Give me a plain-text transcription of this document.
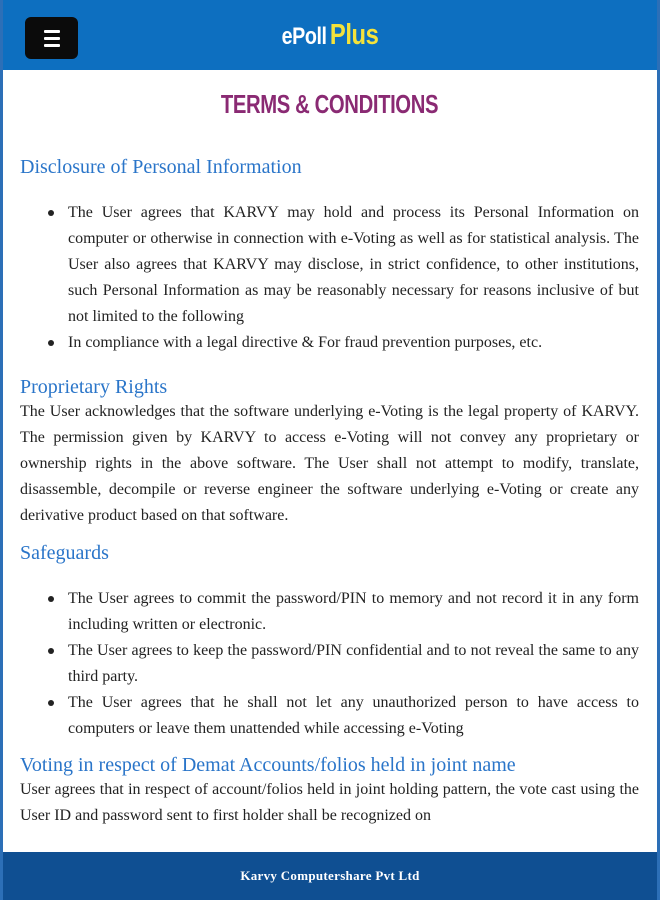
ePoll Plus
TERMS & CONDITIONS
Disclosure of Personal Information
The User agrees that KARVY may hold and process its Personal Information on computer or otherwise in connection with e-Voting as well as for statistical analysis. The User also agrees that KARVY may disclose, in strict confidence, to other institutions, such Personal Information as may be reasonably necessary for reasons inclusive of but not limited to the following
In compliance with a legal directive & For fraud prevention purposes, etc.
Proprietary Rights

The User acknowledges that the software underlying e-Voting is the legal property of KARVY. The permission given by KARVY to access e-Voting will not convey any proprietary or ownership rights in the above software. The User shall not attempt to modify, translate, disassemble, decompile or reverse engineer the software underlying e-Voting or create any derivative product based on that software.

Safeguards
The User agrees to commit the password/PIN to memory and not record it in any form including written or electronic.
The User agrees to keep the password/PIN confidential and to not reveal the same to any third party.
The User agrees that he shall not let any unauthorized person to have access to computers or leave them unattended while accessing e-Voting
Voting in respect of Demat Accounts/folios held in joint name

User agrees that in respect of account/folios held in joint holding pattern, the vote cast using the User ID and password sent to first holder shall be recognized on

Karvy Computershare Pvt Ltd
